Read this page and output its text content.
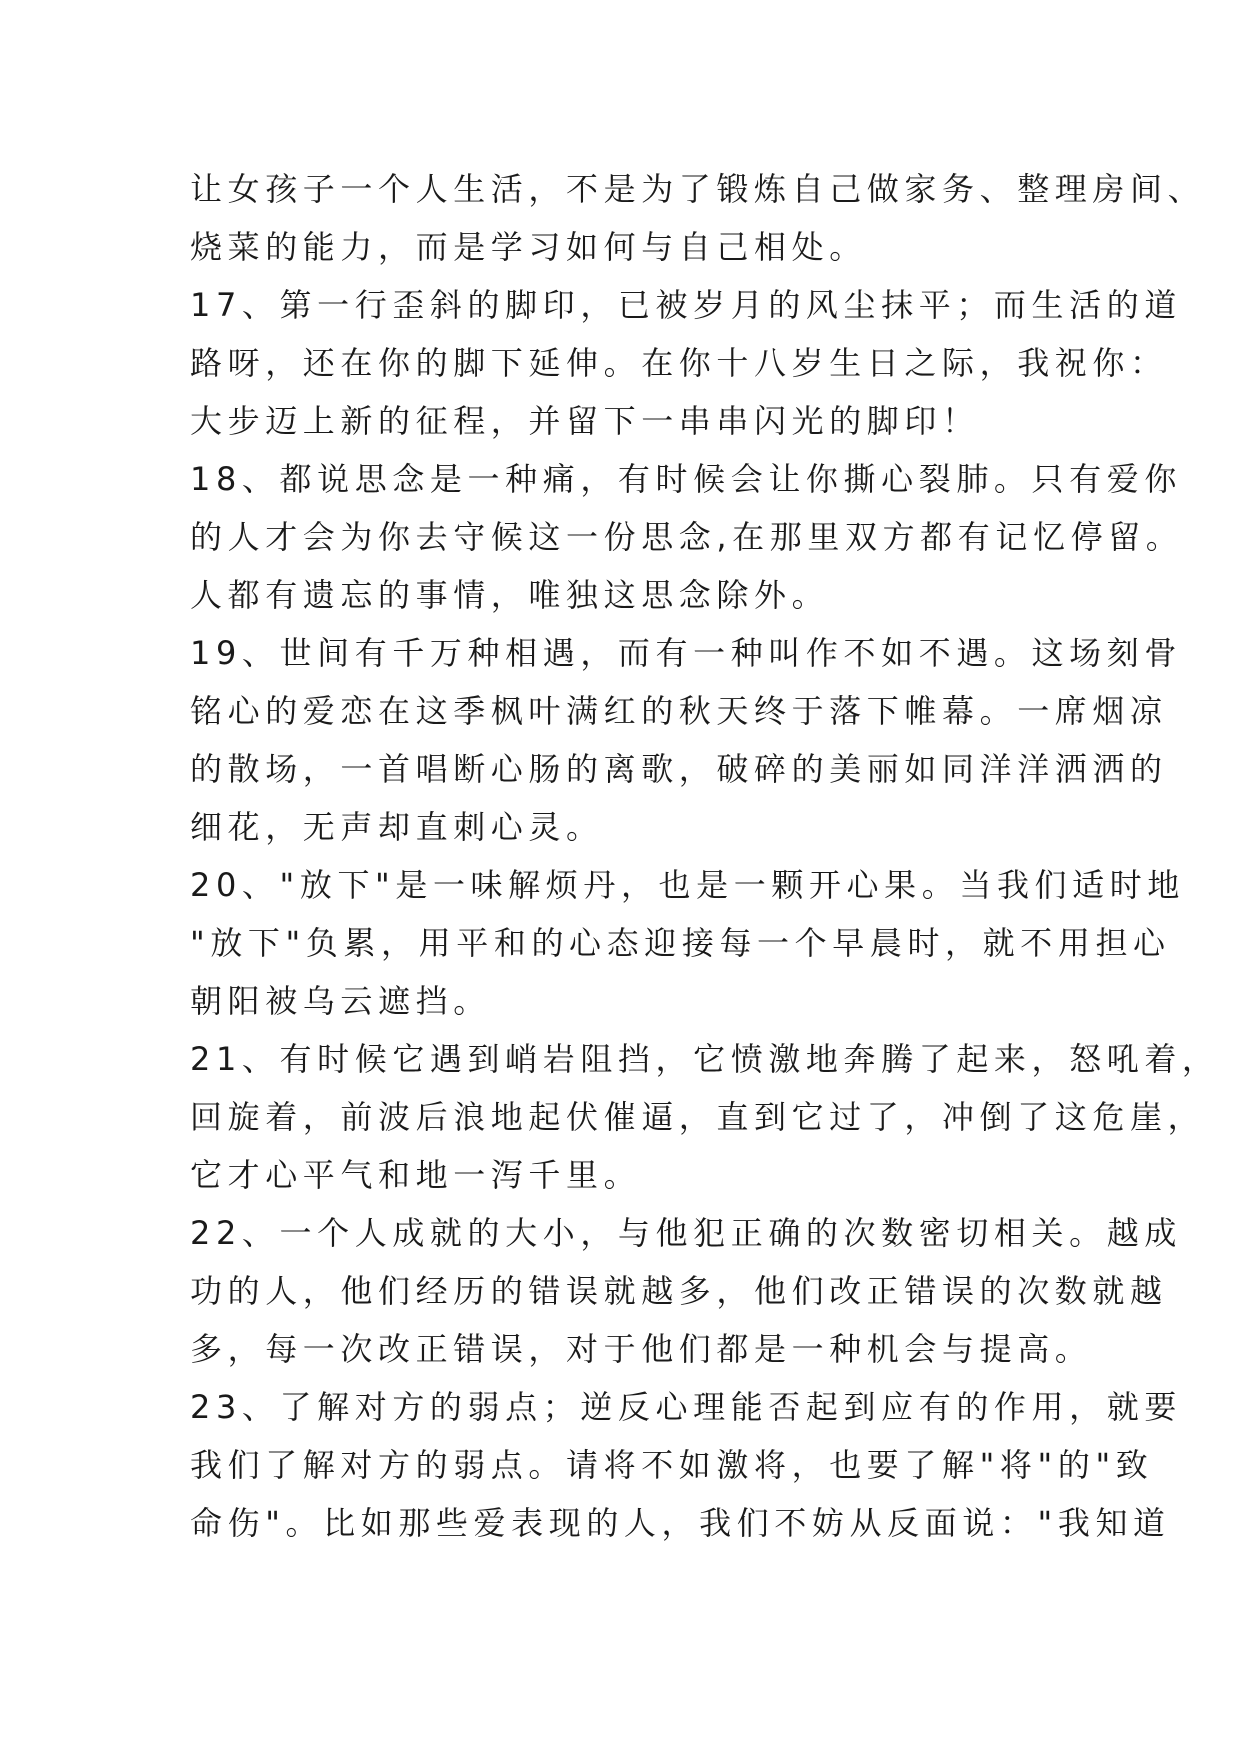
让女孩子一个人生活，不是为了锻炼自己做家务、整理房间、
烧菜的能力，而是学习如何与自己相处。
17、第一行歪斜的脚印，已被岁月的风尘抹平；而生活的道
路呀，还在你的脚下延伸。在你十八岁生日之际，我祝你：
大步迈上新的征程，并留下一串串闪光的脚印！
18、都说思念是一种痛，有时候会让你撕心裂肺。只有爱你
的人才会为你去守候这一份思念,在那里双方都有记忆停留。
人都有遗忘的事情，唯独这思念除外。
19、世间有千万种相遇，而有一种叫作不如不遇。这场刻骨
铭心的爱恋在这季枫叶满红的秋天终于落下帷幕。一席烟凉
的散场，一首唱断心肠的离歌，破碎的美丽如同洋洋洒洒的
细花，无声却直刺心灵。
20、"放下"是一味解烦丹，也是一颗开心果。当我们适时地
"放下"负累，用平和的心态迎接每一个早晨时，就不用担心
朝阳被乌云遮挡。
21、有时候它遇到峭岩阻挡，它愤激地奔腾了起来，怒吼着，
回旋着，前波后浪地起伏催逼，直到它过了，冲倒了这危崖，
它才心平气和地一泻千里。
22、一个人成就的大小，与他犯正确的次数密切相关。越成
功的人，他们经历的错误就越多，他们改正错误的次数就越
多，每一次改正错误，对于他们都是一种机会与提高。
23、了解对方的弱点；逆反心理能否起到应有的作用，就要
我们了解对方的弱点。请将不如激将，也要了解"将"的"致
命伤"。比如那些爱表现的人，我们不妨从反面说："我知道
